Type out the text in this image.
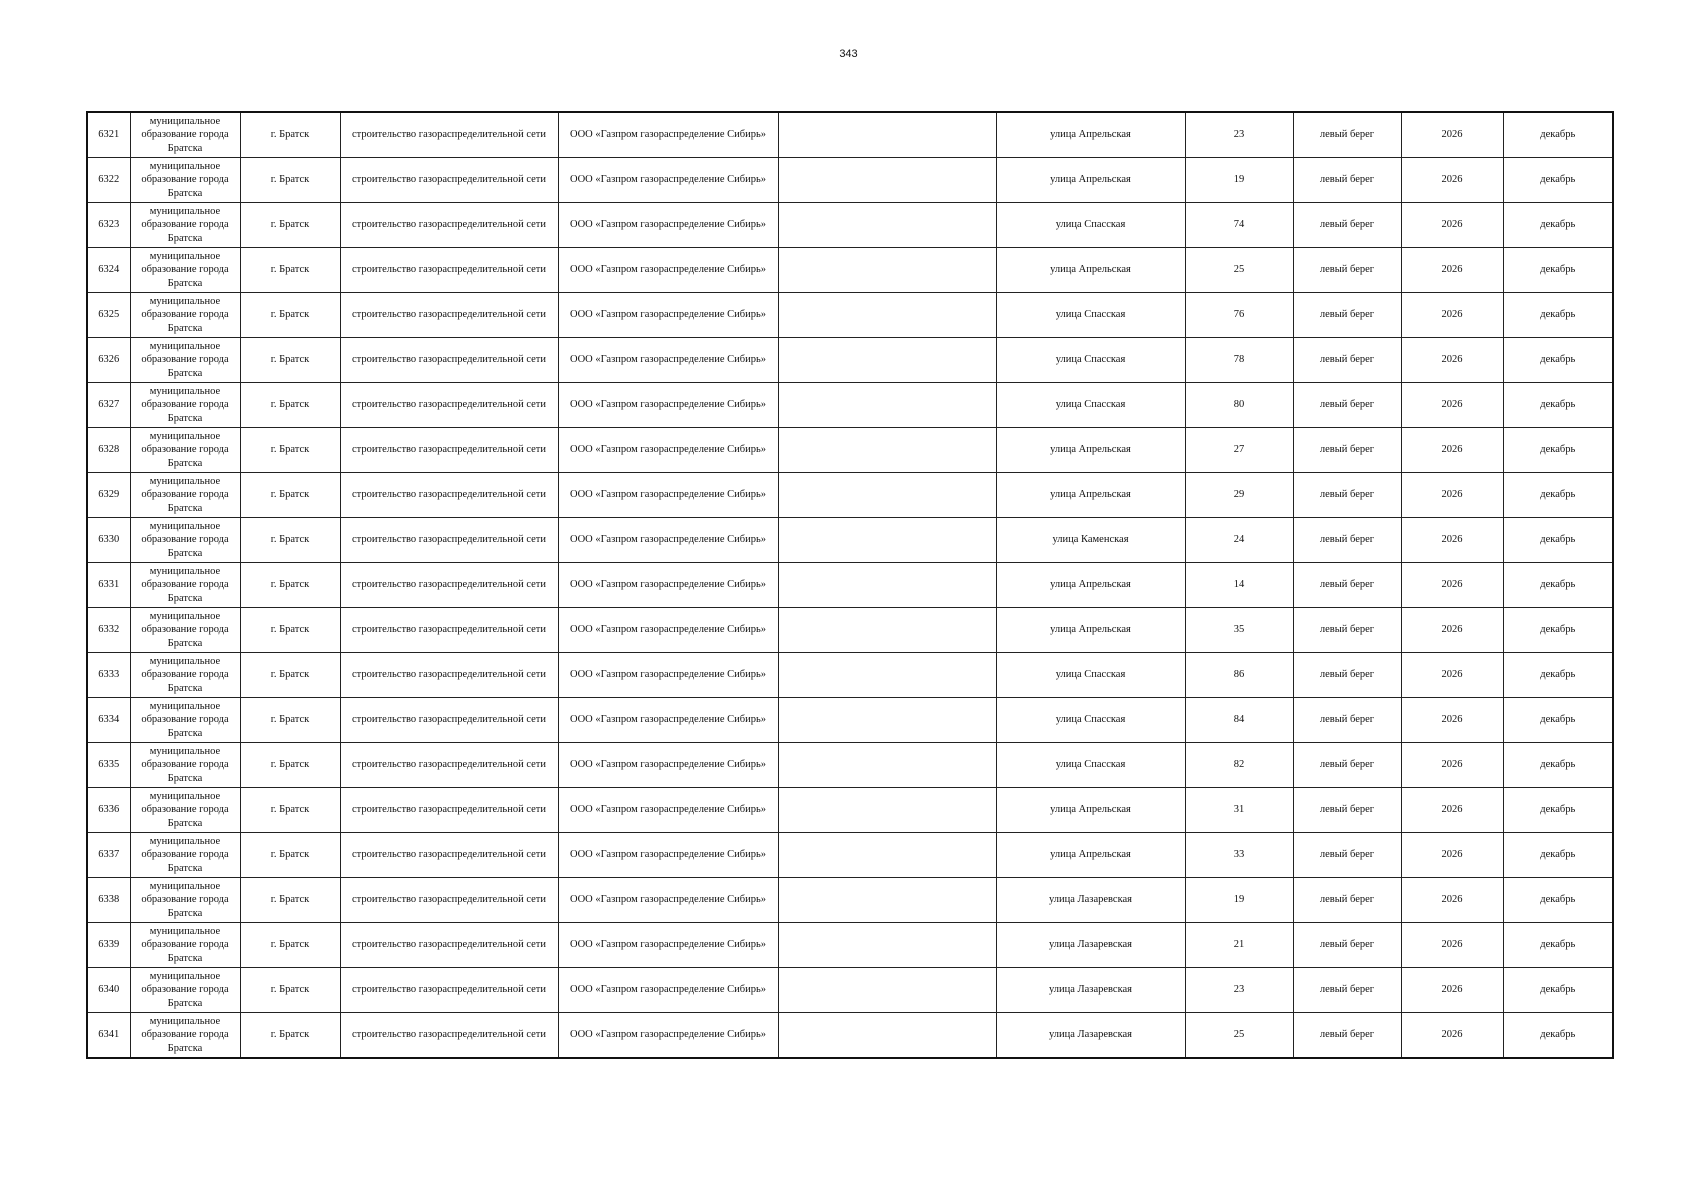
343
6321	муниципальное образование города Братска	г. Братск	строительство газораспределительной сети	ООО «Газпром газораспределение Сибирь»		улица Апрельская	23	левый берег	2026	декабрь
6322	муниципальное образование города Братска	г. Братск	строительство газораспределительной сети	ООО «Газпром газораспределение Сибирь»		улица Апрельская	19	левый берег	2026	декабрь
6323	муниципальное образование города Братска	г. Братск	строительство газораспределительной сети	ООО «Газпром газораспределение Сибирь»		улица Спасская	74	левый берег	2026	декабрь
6324	муниципальное образование города Братска	г. Братск	строительство газораспределительной сети	ООО «Газпром газораспределение Сибирь»		улица Апрельская	25	левый берег	2026	декабрь
6325	муниципальное образование города Братска	г. Братск	строительство газораспределительной сети	ООО «Газпром газораспределение Сибирь»		улица Спасская	76	левый берег	2026	декабрь
6326	муниципальное образование города Братска	г. Братск	строительство газораспределительной сети	ООО «Газпром газораспределение Сибирь»		улица Спасская	78	левый берег	2026	декабрь
6327	муниципальное образование города Братска	г. Братск	строительство газораспределительной сети	ООО «Газпром газораспределение Сибирь»		улица Спасская	80	левый берег	2026	декабрь
6328	муниципальное образование города Братска	г. Братск	строительство газораспределительной сети	ООО «Газпром газораспределение Сибирь»		улица Апрельская	27	левый берег	2026	декабрь
6329	муниципальное образование города Братска	г. Братск	строительство газораспределительной сети	ООО «Газпром газораспределение Сибирь»		улица Апрельская	29	левый берег	2026	декабрь
6330	муниципальное образование города Братска	г. Братск	строительство газораспределительной сети	ООО «Газпром газораспределение Сибирь»		улица Каменская	24	левый берег	2026	декабрь
6331	муниципальное образование города Братска	г. Братск	строительство газораспределительной сети	ООО «Газпром газораспределение Сибирь»		улица Апрельская	14	левый берег	2026	декабрь
6332	муниципальное образование города Братска	г. Братск	строительство газораспределительной сети	ООО «Газпром газораспределение Сибирь»		улица Апрельская	35	левый берег	2026	декабрь
6333	муниципальное образование города Братска	г. Братск	строительство газораспределительной сети	ООО «Газпром газораспределение Сибирь»		улица Спасская	86	левый берег	2026	декабрь
6334	муниципальное образование города Братска	г. Братск	строительство газораспределительной сети	ООО «Газпром газораспределение Сибирь»		улица Спасская	84	левый берег	2026	декабрь
6335	муниципальное образование города Братска	г. Братск	строительство газораспределительной сети	ООО «Газпром газораспределение Сибирь»		улица Спасская	82	левый берег	2026	декабрь
6336	муниципальное образование города Братска	г. Братск	строительство газораспределительной сети	ООО «Газпром газораспределение Сибирь»		улица Апрельская	31	левый берег	2026	декабрь
6337	муниципальное образование города Братска	г. Братск	строительство газораспределительной сети	ООО «Газпром газораспределение Сибирь»		улица Апрельская	33	левый берег	2026	декабрь
6338	муниципальное образование города Братска	г. Братск	строительство газораспределительной сети	ООО «Газпром газораспределение Сибирь»		улица Лазаревская	19	левый берег	2026	декабрь
6339	муниципальное образование города Братска	г. Братск	строительство газораспределительной сети	ООО «Газпром газораспределение Сибирь»		улица Лазаревская	21	левый берег	2026	декабрь
6340	муниципальное образование города Братска	г. Братск	строительство газораспределительной сети	ООО «Газпром газораспределение Сибирь»		улица Лазаревская	23	левый берег	2026	декабрь
6341	муниципальное образование города Братска	г. Братск	строительство газораспределительной сети	ООО «Газпром газораспределение Сибирь»		улица Лазаревская	25	левый берег	2026	декабрь
